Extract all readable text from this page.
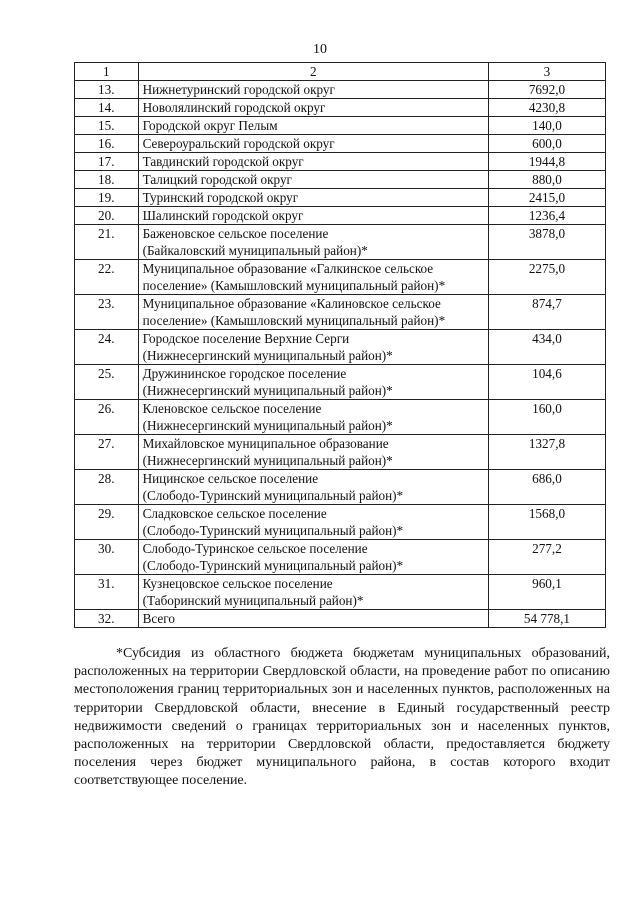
10
1	2	3
13.	Нижнетуринский городской округ	7692,0
14.	Новолялинский городской округ	4230,8
15.	Городской округ Пелым	140,0
16.	Североуральский городской округ	600,0
17.	Тавдинский городской округ	1944,8
18.	Талицкий городской округ	880,0
19.	Туринский городской округ	2415,0
20.	Шалинский городской округ	1236,4
21.	Баженовское сельское поселение
(Байкаловский муниципальный район)*	3878,0
22.	Муниципальное образование «Галкинское сельское
поселение» (Камышловский муниципальный район)*	2275,0
23.	Муниципальное образование «Калиновское сельское
поселение» (Камышловский муниципальный район)*	874,7
24.	Городское поселение Верхние Серги
(Нижнесергинский муниципальный район)*	434,0
25.	Дружининское городское поселение
(Нижнесергинский муниципальный район)*	104,6
26.	Кленовское сельское поселение
(Нижнесергинский муниципальный район)*	160,0
27.	Михайловское муниципальное образование
(Нижнесергинский муниципальный район)*	1327,8
28.	Ницинское сельское поселение
(Слободо-Туринский муниципальный район)*	686,0
29.	Сладковское сельское поселение
(Слободо-Туринский муниципальный район)*	1568,0
30.	Слободо-Туринское сельское поселение
(Слободо-Туринский муниципальный район)*	277,2
31.	Кузнецовское сельское поселение
(Таборинский муниципальный район)*	960,1
32.	Всего	54 778,1

*Субсидия из областного бюджета бюджетам муниципальных образований, расположенных на территории Свердловской области, на проведение работ по описанию местоположения границ территориальных зон и населенных пунктов, расположенных на территории Свердловской области, внесение в Единый государственный реестр недвижимости сведений о границах территориальных зон и населенных пунктов, расположенных на территории Свердловской области, предоставляется бюджету поселения через бюджет муниципального района, в состав которого входит соответствующее поселение.
